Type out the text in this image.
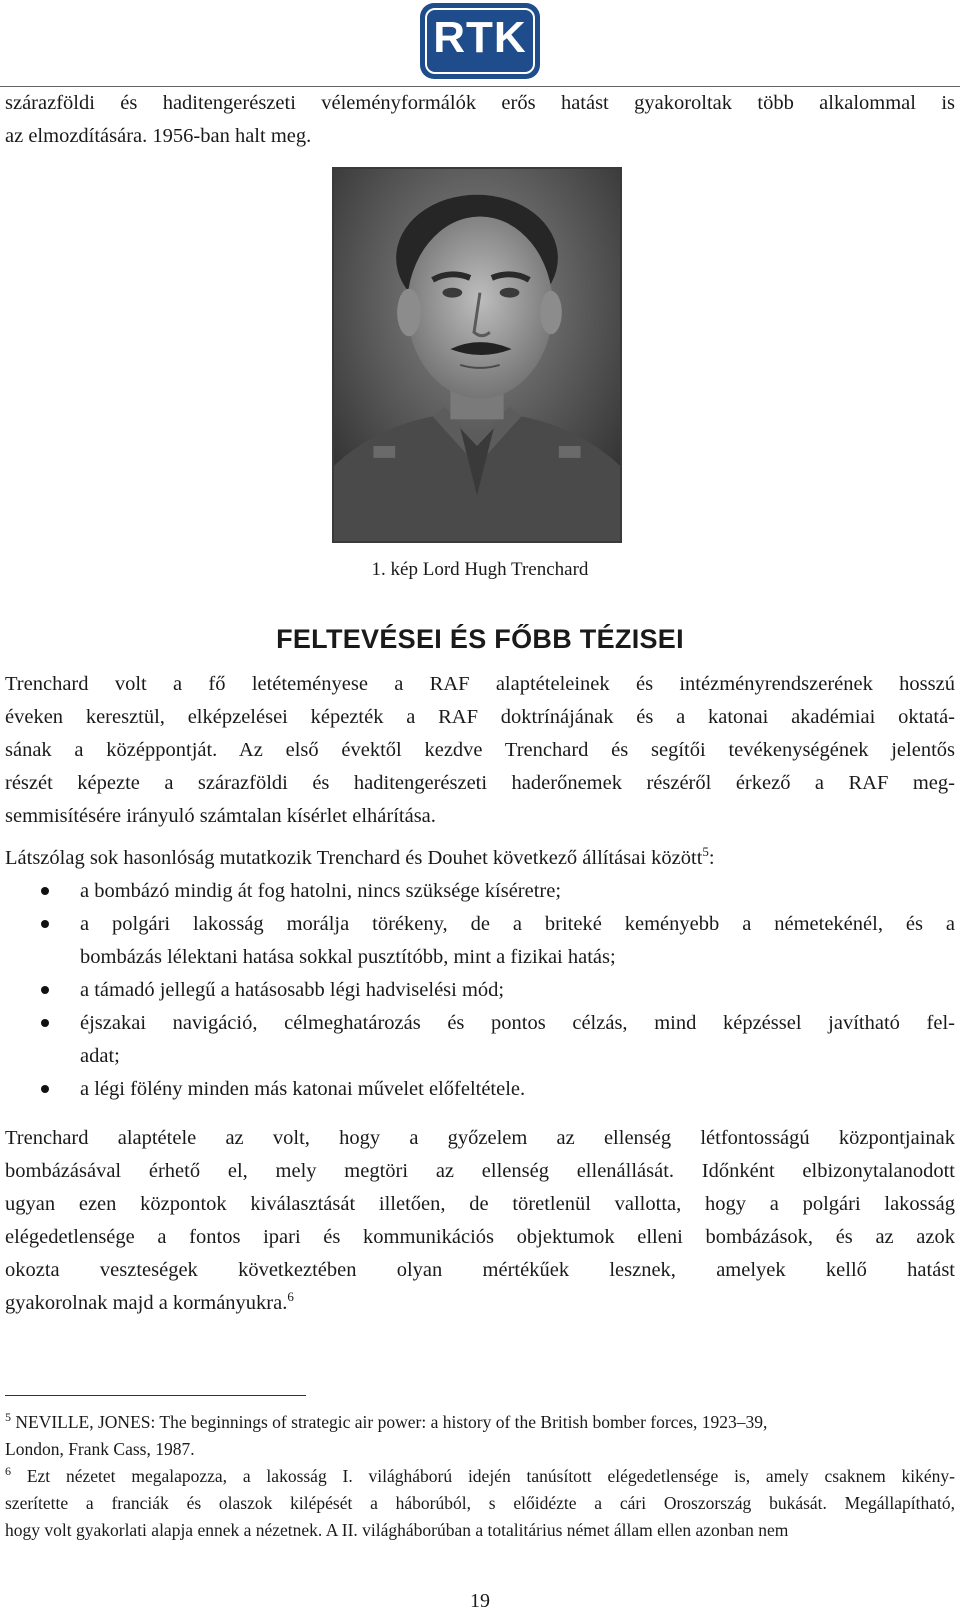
RTK
szárazföldi és haditengerészeti véleményformálók erős hatást gyakoroltak több alkalommal is
az elmozdítására. 1956-ban halt meg.
1. kép Lord Hugh Trenchard
FELTEVÉSEI ÉS FŐBB TÉZISEI
Trenchard volt a fő letéteményese a RAF alaptételeinek és intézményrendszerének hosszú
éveken keresztül, elképzelései képezték a RAF doktrínájának és a katonai akadémiai oktatá-
sának a középpontját. Az első évektől kezdve Trenchard és segítői tevékenységének jelentős
részét képezte a szárazföldi és haditengerészeti haderőnemek részéről érkező a RAF meg-
semmisítésére irányuló számtalan kísérlet elhárítása.
Látszólag sok hasonlóság mutatkozik Trenchard és Douhet következő állításai között$^5$:
a bombázó mindig át fog hatolni, nincs szüksége kíséretre;
a polgári lakosság morálja törékeny, de a briteké keményebb a németekénél, és a
bombázás lélektani hatása sokkal pusztítóbb, mint a fizikai hatás;
a támadó jellegű a hatásosabb légi hadviselési mód;
éjszakai navigáció, célmeghatározás és pontos célzás, mind képzéssel javítható fel-
adat;
a légi fölény minden más katonai művelet előfeltétele.
Trenchard alaptétele az volt, hogy a győzelem az ellenség létfontosságú központjainak
bombázásával érhető el, mely megtöri az ellenség ellenállását. Időnként elbizonytalanodott
ugyan ezen központok kiválasztását illetően, de töretlenül vallotta, hogy a polgári lakosság
elégedetlensége a fontos ipari és kommunikációs objektumok elleni bombázások, és az azok
okozta veszteségek következtében olyan mértékűek lesznek, amelyek kellő hatást
gyakorolnak majd a kormányukra.$^6$
$^5$ NEVILLE, JONES: The beginnings of strategic air power: a history of the British bomber forces, 1923–39,
London, Frank Cass, 1987.
$^6$ Ezt nézetet megalapozza, a lakosság I. világháború idején tanúsított elégedetlensége is, amely csaknem kikény-
szerítette a franciák és olaszok kilépését a háborúból, s előidézte a cári Oroszország bukását. Megállapítható,
hogy volt gyakorlati alapja ennek a nézetnek. A II. világháborúban a totalitárius német állam ellen azonban nem
19
